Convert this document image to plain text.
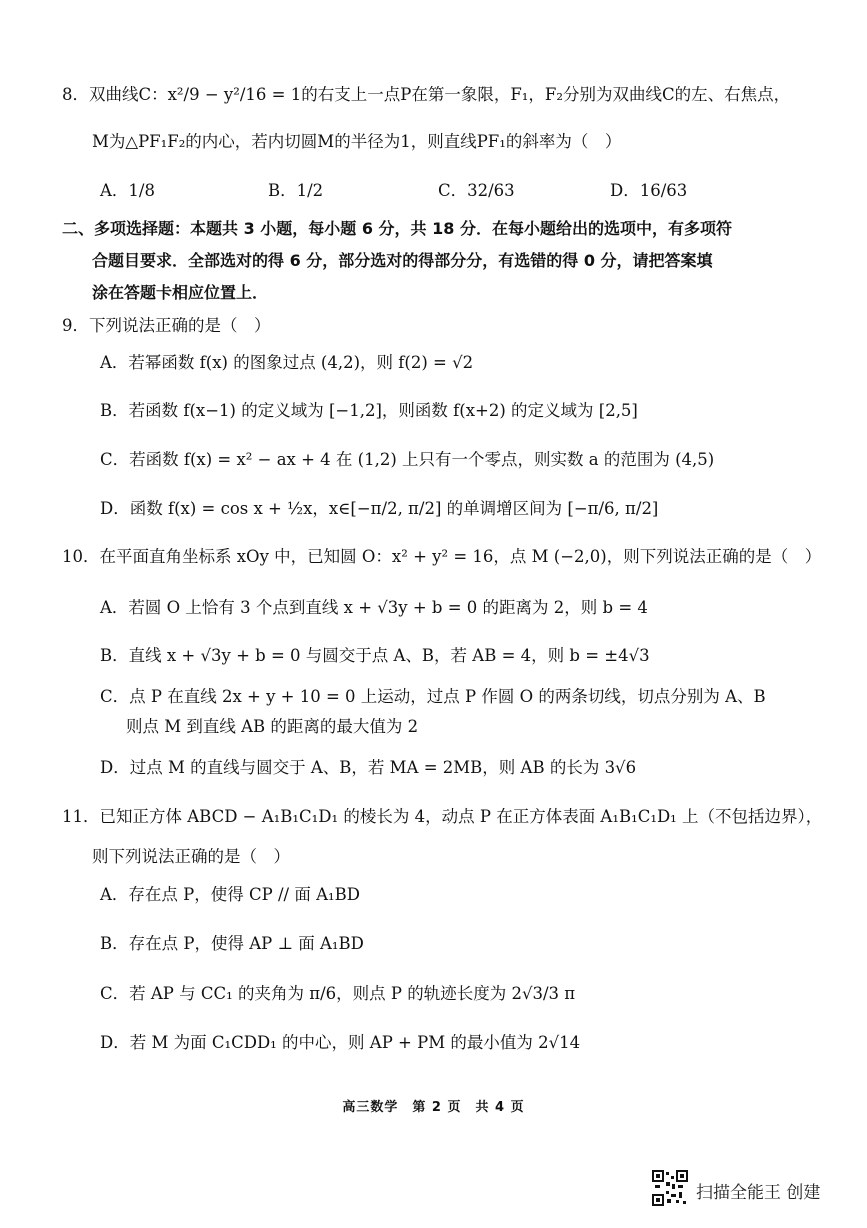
8．双曲线C：x²/9 − y²/16 = 1的右支上一点P在第一象限，F₁，F₂分别为双曲线C的左、右焦点，
M为△PF₁F₂的内心，若内切圆M的半径为1，则直线PF₁的斜率为（　）
A．1/8	B．1/2	C．32/63	D．16/63
二、多项选择题：本题共 3 小题，每小题 6 分，共 18 分．在每小题给出的选项中，有多项符
合题目要求．全部选对的得 6 分，部分选对的得部分分，有选错的得 0 分，请把答案填
涂在答题卡相应位置上．
9．下列说法正确的是（　）
A．若幂函数 f(x) 的图象过点 (4,2)，则 f(2) = √2
B．若函数 f(x−1) 的定义域为 [−1,2]，则函数 f(x+2) 的定义域为 [2,5]
C．若函数 f(x) = x² − ax + 4 在 (1,2) 上只有一个零点，则实数 a 的范围为 (4,5)
D．函数 f(x) = cos x + ½x，x∈[−π/2, π/2] 的单调增区间为 [−π/6, π/2]
10．在平面直角坐标系 xOy 中，已知圆 O：x² + y² = 16，点 M (−2,0)，则下列说法正确的是（　）
A．若圆 O 上恰有 3 个点到直线 x + √3y + b = 0 的距离为 2，则 b = 4
B．直线 x + √3y + b = 0 与圆交于点 A、B，若 AB = 4，则 b = ±4√3
C．点 P 在直线 2x + y + 10 = 0 上运动，过点 P 作圆 O 的两条切线，切点分别为 A、B
则点 M 到直线 AB 的距离的最大值为 2
D．过点 M 的直线与圆交于 A、B，若 MA = 2MB，则 AB 的长为 3√6
11．已知正方体 ABCD − A₁B₁C₁D₁ 的棱长为 4，动点 P 在正方体表面 A₁B₁C₁D₁ 上（不包括边界），
则下列说法正确的是（　）
A．存在点 P，使得 CP // 面 A₁BD
B．存在点 P，使得 AP ⊥ 面 A₁BD
C．若 AP 与 CC₁ 的夹角为 π/6，则点 P 的轨迹长度为 2√3/3 π
D．若 M 为面 C₁CDD₁ 的中心，则 AP + PM 的最小值为 2√14
高三数学　第 2 页　共 4 页
扫描全能王 创建
